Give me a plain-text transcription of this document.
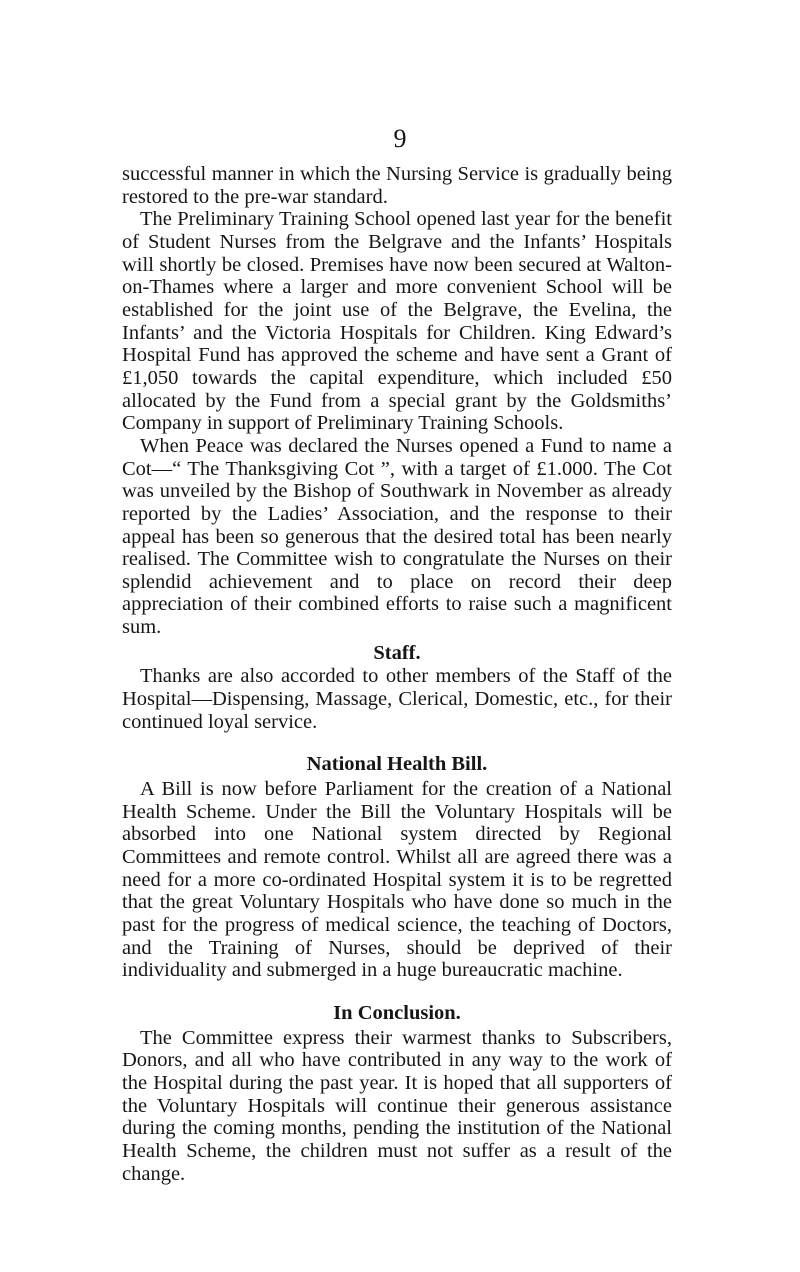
9

successful manner in which the Nursing Service is gradually being restored to the pre-war standard.

The Preliminary Training School opened last year for the benefit of Student Nurses from the Belgrave and the Infants’ Hospitals will shortly be closed. Premises have now been secured at Walton-on-Thames where a larger and more convenient School will be established for the joint use of the Belgrave, the Evelina, the Infants’ and the Victoria Hospitals for Children. King Edward’s Hospital Fund has approved the scheme and have sent a Grant of £1,050 towards the capital expenditure, which included £50 allocated by the Fund from a special grant by the Goldsmiths’ Company in support of Preliminary Training Schools.

When Peace was declared the Nurses opened a Fund to name a Cot—“ The Thanksgiving Cot ”, with a target of £1.000. The Cot was unveiled by the Bishop of Southwark in November as already reported by the Ladies’ Association, and the response to their appeal has been so generous that the desired total has been nearly realised. The Committee wish to congratulate the Nurses on their splendid achievement and to place on record their deep appreciation of their combined efforts to raise such a magnificent sum.

Staff.

Thanks are also accorded to other members of the Staff of the Hospital—Dispensing, Massage, Clerical, Domestic, etc., for their continued loyal service.

National Health Bill.

A Bill is now before Parliament for the creation of a National Health Scheme. Under the Bill the Voluntary Hospitals will be absorbed into one National system directed by Regional Committees and remote control. Whilst all are agreed there was a need for a more co-ordinated Hospital system it is to be regretted that the great Voluntary Hospitals who have done so much in the past for the progress of medical science, the teaching of Doctors, and the Training of Nurses, should be deprived of their individuality and submerged in a huge bureaucratic machine.

In Conclusion.

The Committee express their warmest thanks to Subscribers, Donors, and all who have contributed in any way to the work of the Hospital during the past year. It is hoped that all supporters of the Voluntary Hospitals will continue their generous assistance during the coming months, pending the institution of the National Health Scheme, the children must not suffer as a result of the change.
